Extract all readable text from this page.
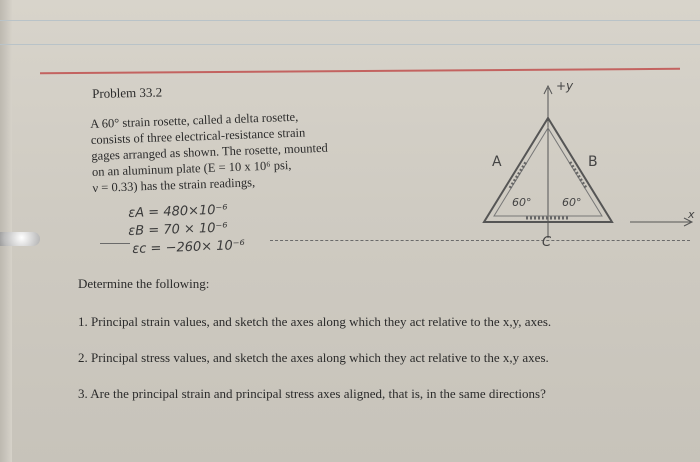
Problem 33.2
A 60° strain rosette, called a delta rosette,
consists of three electrical-resistance strain
gages arranged as shown. The rosette, mounted
on an aluminum plate (E = 10 x 10⁶ psi,
ν = 0.33) has the strain readings,
εA = 480×10⁻⁶
εB = 70 × 10⁻⁶
εc = −260× 10⁻⁶
+y
60°	60°
A	B
C
x
Determine the following:
1. Principal strain values, and sketch the axes along which they act relative to the x,y, axes.
2. Principal stress values, and sketch the axes along which they act relative to the x,y axes.
3. Are the principal strain and principal stress axes aligned, that is, in the same directions?
